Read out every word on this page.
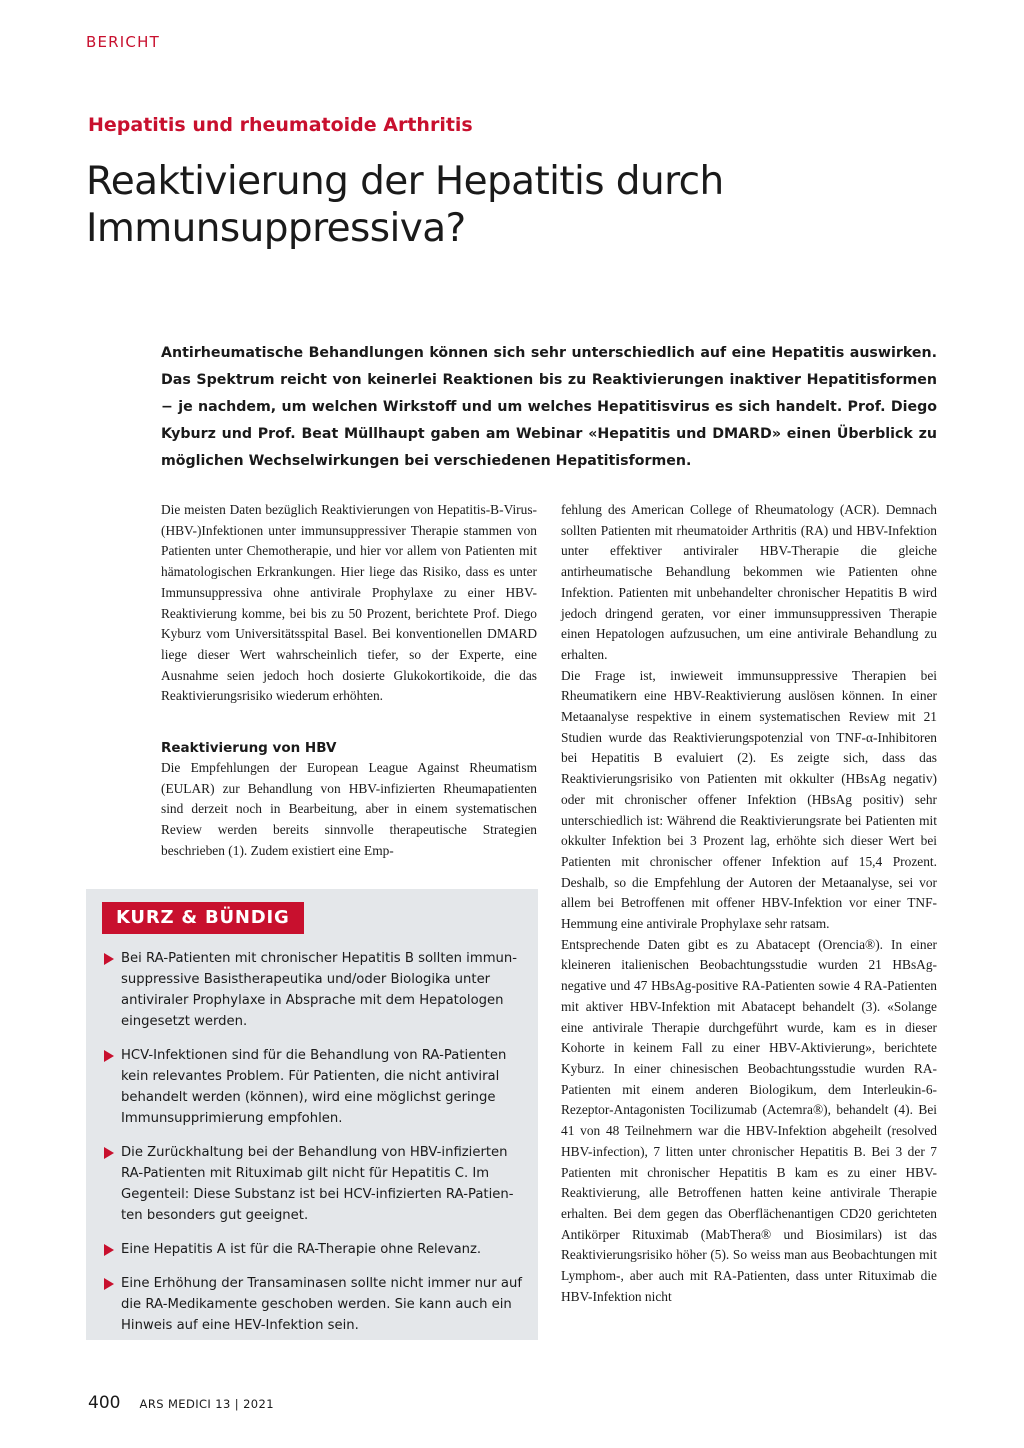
BERICHT
Hepatitis und rheumatoide Arthritis
Reaktivierung der Hepatitis durch
Immunsuppressiva?

Antirheumatische Behandlungen können sich sehr unterschiedlich auf eine Hepatitis auswirken. Das Spektrum reicht von keinerlei Reaktionen bis zu Reaktivierungen inaktiver Hepatitisformen − je nachdem, um welchen Wirkstoff und um welches Hepatitisvirus es sich handelt. Prof. Diego Kyburz und Prof. Beat Müllhaupt gaben am Webinar «Hepatitis und DMARD» einen Überblick zu möglichen Wechselwirkungen bei verschiedenen Hepatitisformen.

Die meisten Daten bezüglich Reaktivierungen von Hepatitis-B-Virus-(HBV-)Infektionen unter immunsuppressiver Therapie stammen von Patienten unter Chemotherapie, und hier vor allem von Patienten mit hämatologischen Erkrankungen. Hier liege das Risiko, dass es unter Immunsuppressiva ohne antivirale Prophylaxe zu einer HBV-Reaktivierung komme, bei bis zu 50 Prozent, berichtete Prof. Diego Kyburz vom Universitätsspital Basel. Bei konventionellen DMARD liege dieser Wert wahrscheinlich tiefer, so der Experte, eine Ausnahme seien jedoch hoch dosierte Glukokortikoide, die das Reaktivierungsrisiko wiederum erhöhten.

Reaktivierung von HBV

Die Empfehlungen der European League Against Rheumatism (EULAR) zur Behandlung von HBV-infizierten Rheumapatienten sind derzeit noch in Bearbeitung, aber in einem systematischen Review werden bereits sinnvolle therapeutische Strategien beschrieben (1). Zudem existiert eine Emp-

fehlung des American College of Rheumatology (ACR). Demnach sollten Patienten mit rheumatoider Arthritis (RA) und HBV-Infektion unter effektiver antiviraler HBV-Therapie die gleiche antirheumatische Behandlung bekommen wie Patienten ohne Infektion. Patienten mit unbehandelter chronischer Hepatitis B wird jedoch dringend geraten, vor einer immunsuppressiven Therapie einen Hepatologen aufzusuchen, um eine antivirale Behandlung zu erhalten.

Die Frage ist, inwieweit immunsuppressive Therapien bei Rheumatikern eine HBV-Reaktivierung auslösen können. In einer Metaanalyse respektive in einem systematischen Review mit 21 Studien wurde das Reaktivierungspotenzial von TNF-α-Inhibitoren bei Hepatitis B evaluiert (2). Es zeigte sich, dass das Reaktivierungsrisiko von Patienten mit okkulter (HBsAg negativ) oder mit chronischer offener Infektion (HBsAg positiv) sehr unterschiedlich ist: Während die Reaktivierungsrate bei Patienten mit okkulter Infektion bei 3 Prozent lag, erhöhte sich dieser Wert bei Patienten mit chronischer offener Infektion auf 15,4 Prozent. Deshalb, so die Empfehlung der Autoren der Metaanalyse, sei vor allem bei Betroffenen mit offener HBV-Infektion vor einer TNF-Hemmung eine antivirale Prophylaxe sehr ratsam.

Entsprechende Daten gibt es zu Abatacept (Orencia®). In einer kleineren italienischen Beobachtungsstudie wurden 21 HBsAg-negative und 47 HBsAg-positive RA-Patienten sowie 4 RA-Patienten mit aktiver HBV-Infektion mit Abatacept behandelt (3). «Solange eine antivirale Therapie durchgeführt wurde, kam es in dieser Kohorte in keinem Fall zu einer HBV-Aktivierung», berichtete Kyburz. In einer chinesischen Beobachtungsstudie wurden RA-Patienten mit einem anderen Biologikum, dem Interleukin-6-Rezeptor-Antagonisten Tocilizumab (Actemra®), behandelt (4). Bei 41 von 48 Teilnehmern war die HBV-Infektion abgeheilt (resolved HBV-infection), 7 litten unter chronischer Hepatitis B. Bei 3 der 7 Patienten mit chronischer Hepatitis B kam es zu einer HBV-Reaktivierung, alle Betroffenen hatten keine antivirale Therapie erhalten. Bei dem gegen das Oberflächenantigen CD20 gerichteten Antikörper Rituximab (MabThera® und Biosimilars) ist das Reaktivierungsrisiko höher (5). So weiss man aus Beobachtungen mit Lymphom-, aber auch mit RA-Patienten, dass unter Rituximab die HBV-Infektion nicht

KURZ & BÜNDIG
Bei RA-Patienten mit chronischer Hepatitis B sollten immunsuppressive Basistherapeutika und/oder Biologika unter antiviraler Prophylaxe in Absprache mit dem Hepatologen eingesetzt werden.
HCV-Infektionen sind für die Behandlung von RA-Patienten kein relevantes Problem. Für Patienten, die nicht antiviral behandelt werden (können), wird eine möglichst geringe Immunsupprimierung empfohlen.
Die Zurückhaltung bei der Behandlung von HBV-infizierten RA-Patienten mit Rituximab gilt nicht für Hepatitis C. Im Gegenteil: Diese Substanz ist bei HCV-infizierten RA-Patienten besonders gut geeignet.
Eine Hepatitis A ist für die RA-Therapie ohne Relevanz.
Eine Erhöhung der Transaminasen sollte nicht immer nur auf die RA-Medikamente geschoben werden. Sie kann auch ein Hinweis auf eine HEV-Infektion sein.
400 ARS MEDICI 13 | 2021
